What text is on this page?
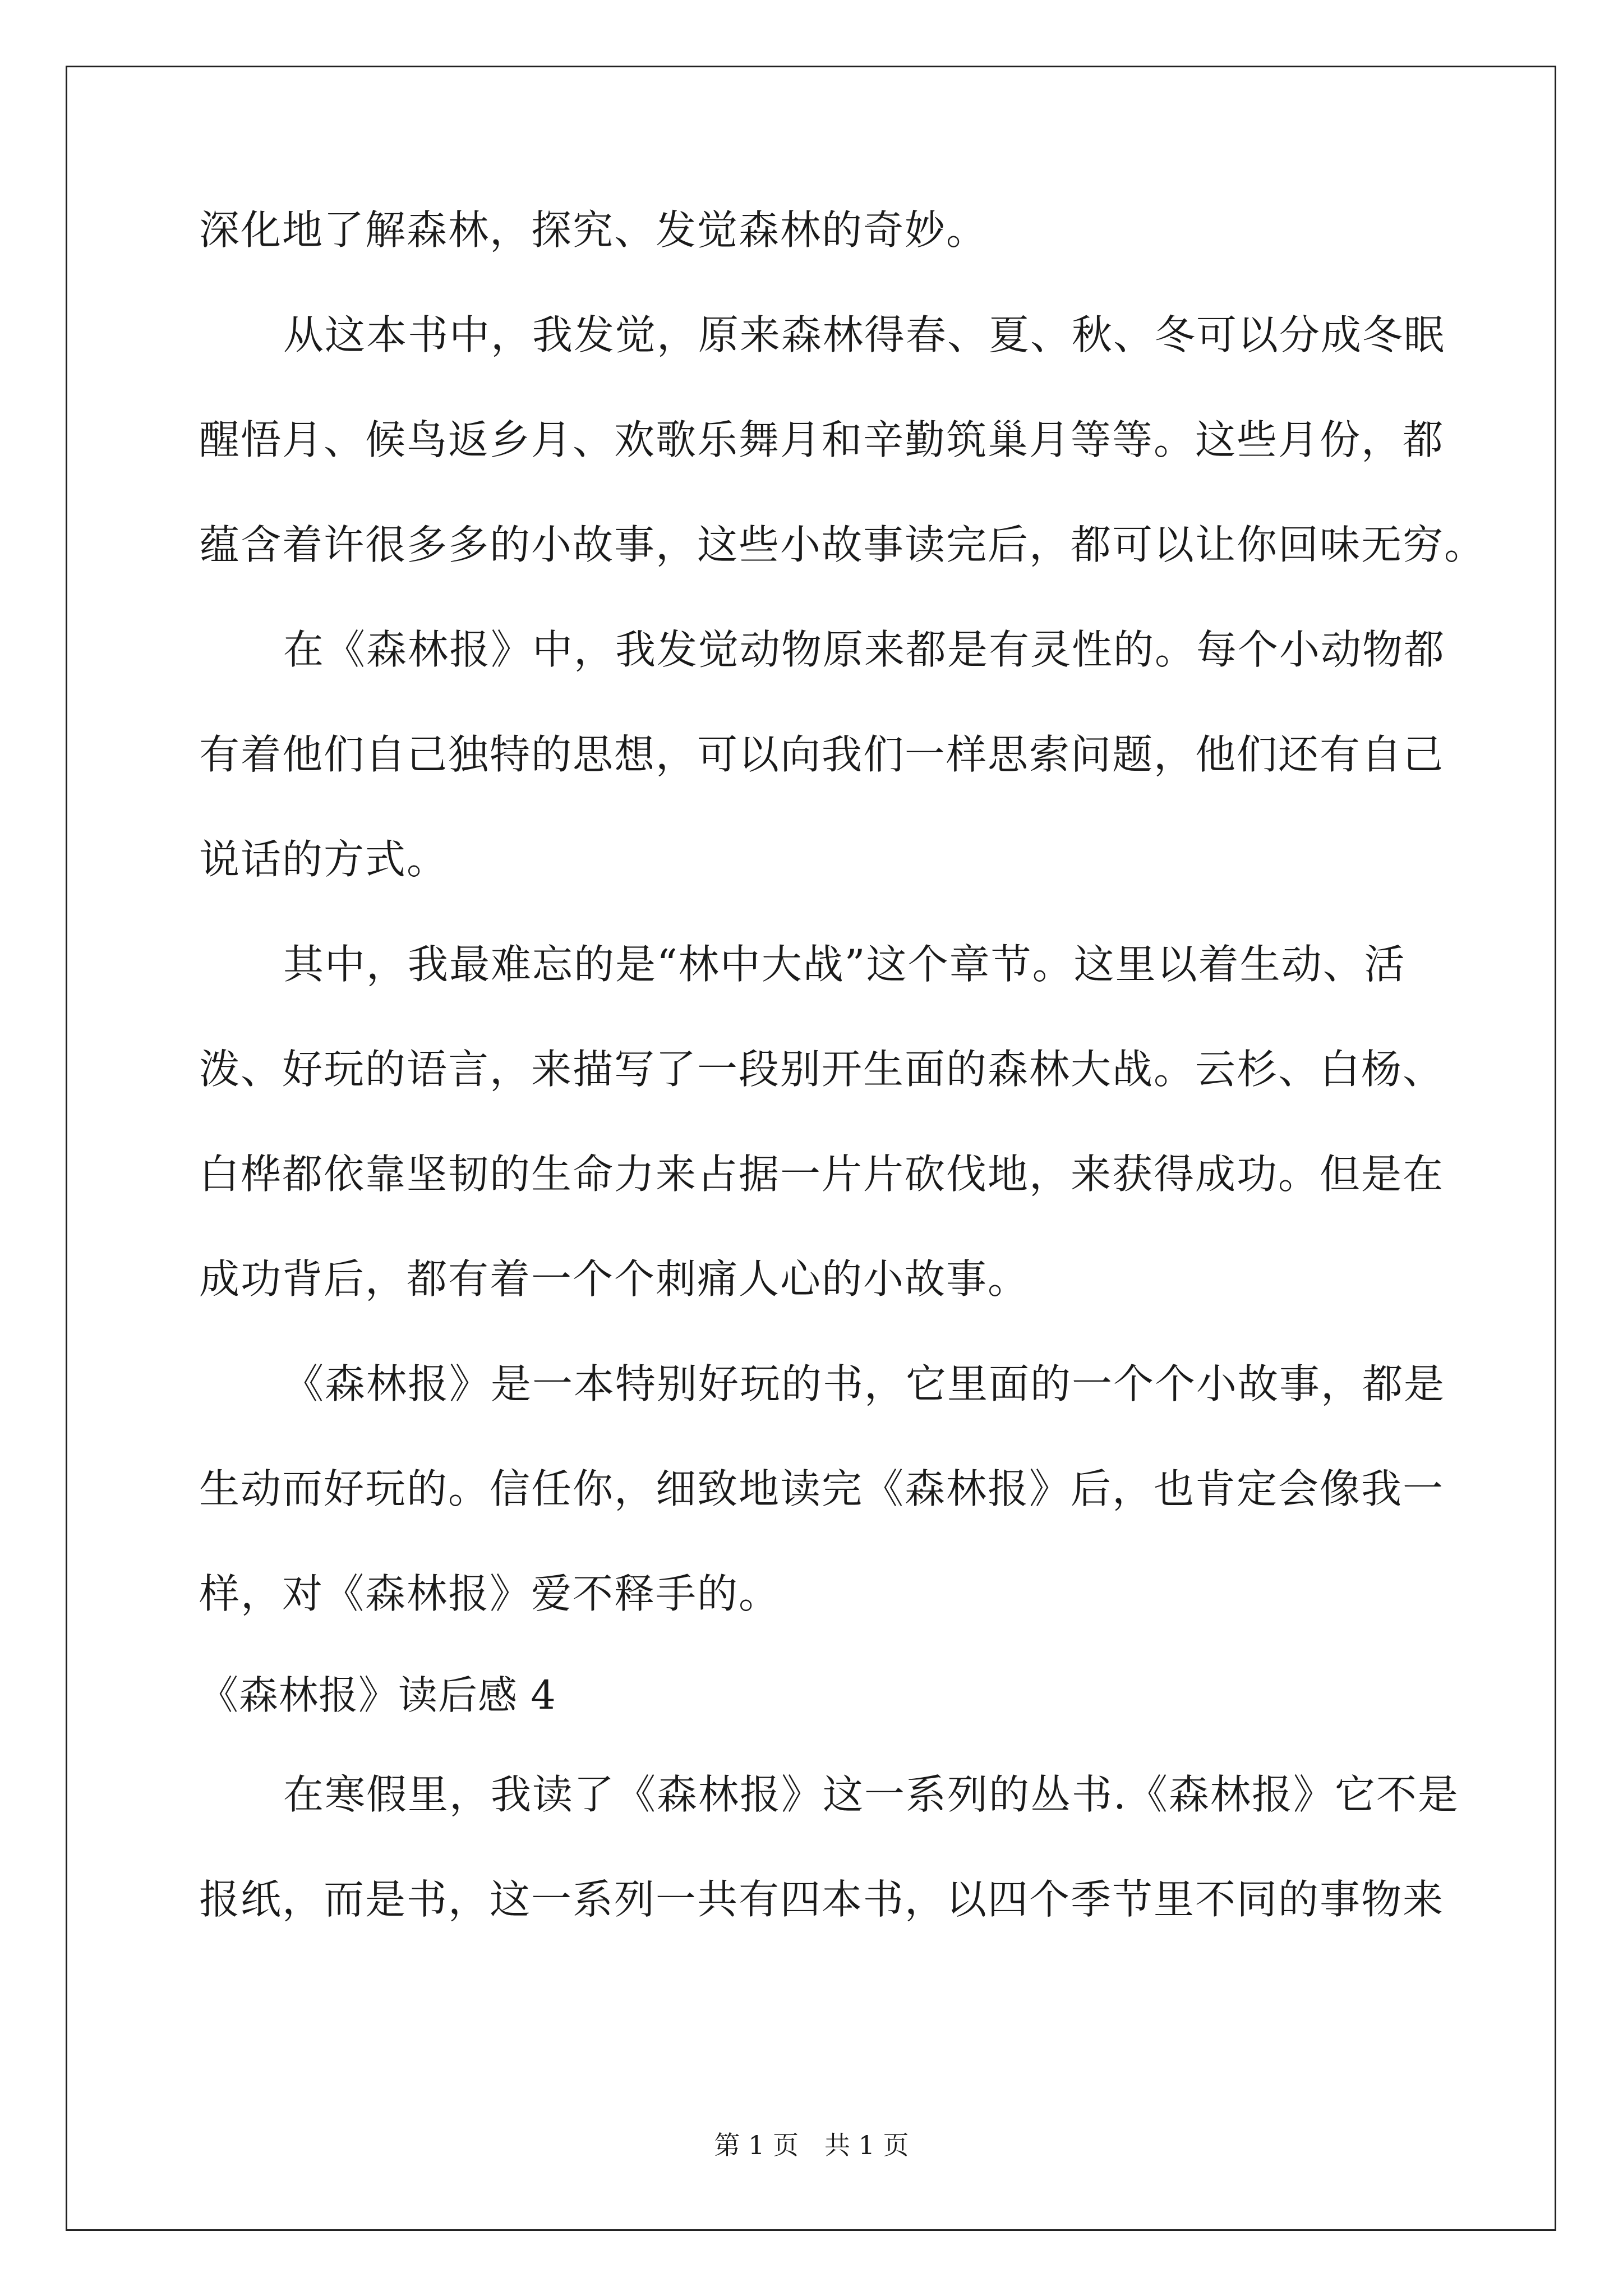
深化地了解森林，探究、发觉森林的奇妙。
从这本书中，我发觉，原来森林得春、夏、秋、冬可以分成冬眠
醒悟月、候鸟返乡月、欢歌乐舞月和辛勤筑巢月等等。这些月份，都
蕴含着许很多多的小故事，这些小故事读完后，都可以让你回味无穷。
在《森林报》中，我发觉动物原来都是有灵性的。每个小动物都
有着他们自己独特的思想，可以向我们一样思索问题，他们还有自己
说话的方式。
其中，我最难忘的是“林中大战”这个章节。这里以着生动、活
泼、好玩的语言，来描写了一段别开生面的森林大战。云杉、白杨、
白桦都依靠坚韧的生命力来占据一片片砍伐地，来获得成功。但是在
成功背后，都有着一个个刺痛人心的小故事。
《森林报》是一本特别好玩的书，它里面的一个个小故事，都是
生动而好玩的。信任你，细致地读完《森林报》后，也肯定会像我一
样，对《森林报》爱不释手的。
《森林报》读后感 4
在寒假里，我读了《森林报》这一系列的丛书.《森林报》它不是
报纸，而是书，这一系列一共有四本书，以四个季节里不同的事物来
第 1 页　共 1 页
